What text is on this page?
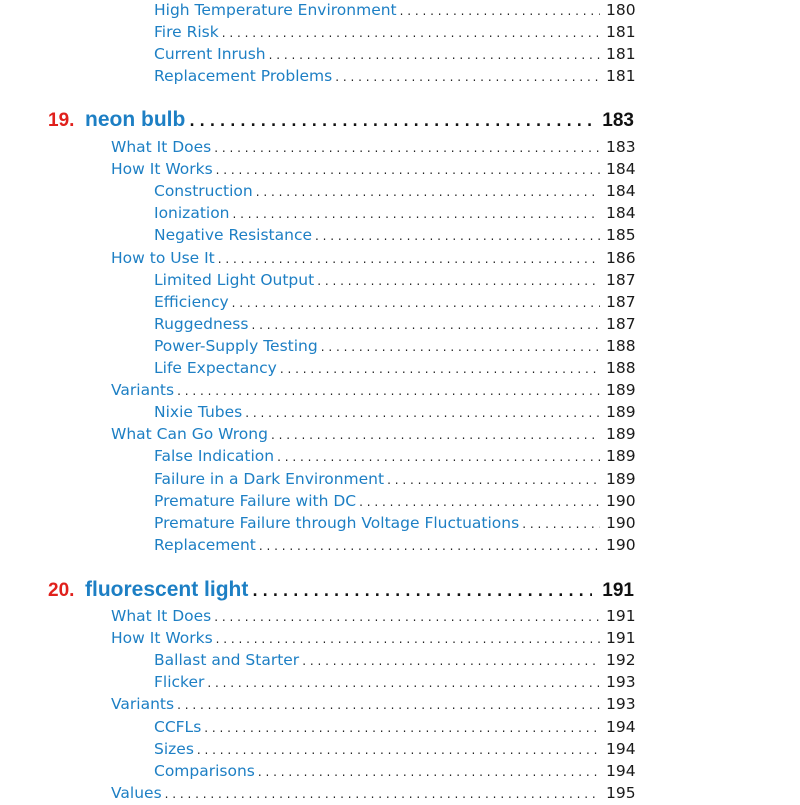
High Temperature Environment . . .	180
Fire Risk . . .	181
Current Inrush . . .	181
Replacement Problems . . .	181
19. neon bulb . . .	183
What It Does . . .	183
How It Works . . .	184
Construction . . .	184
Ionization . . .	184
Negative Resistance . . .	185
How to Use It . . .	186
Limited Light Output . . .	187
Efficiency . . .	187
Ruggedness . . .	187
Power-Supply Testing . . .	188
Life Expectancy . . .	188
Variants . . .	189
Nixie Tubes . . .	189
What Can Go Wrong . . .	189
False Indication . . .	189
Failure in a Dark Environment . . .	189
Premature Failure with DC . . .	190
Premature Failure through Voltage Fluctuations . . .	190
Replacement . . .	190
20. fluorescent light . . .	191
What It Does . . .	191
How It Works . . .	191
Ballast and Starter . . .	192
Flicker . . .	193
Variants . . .	193
CCFLs . . .	194
Sizes . . .	194
Comparisons . . .	194
Values . . .	195
